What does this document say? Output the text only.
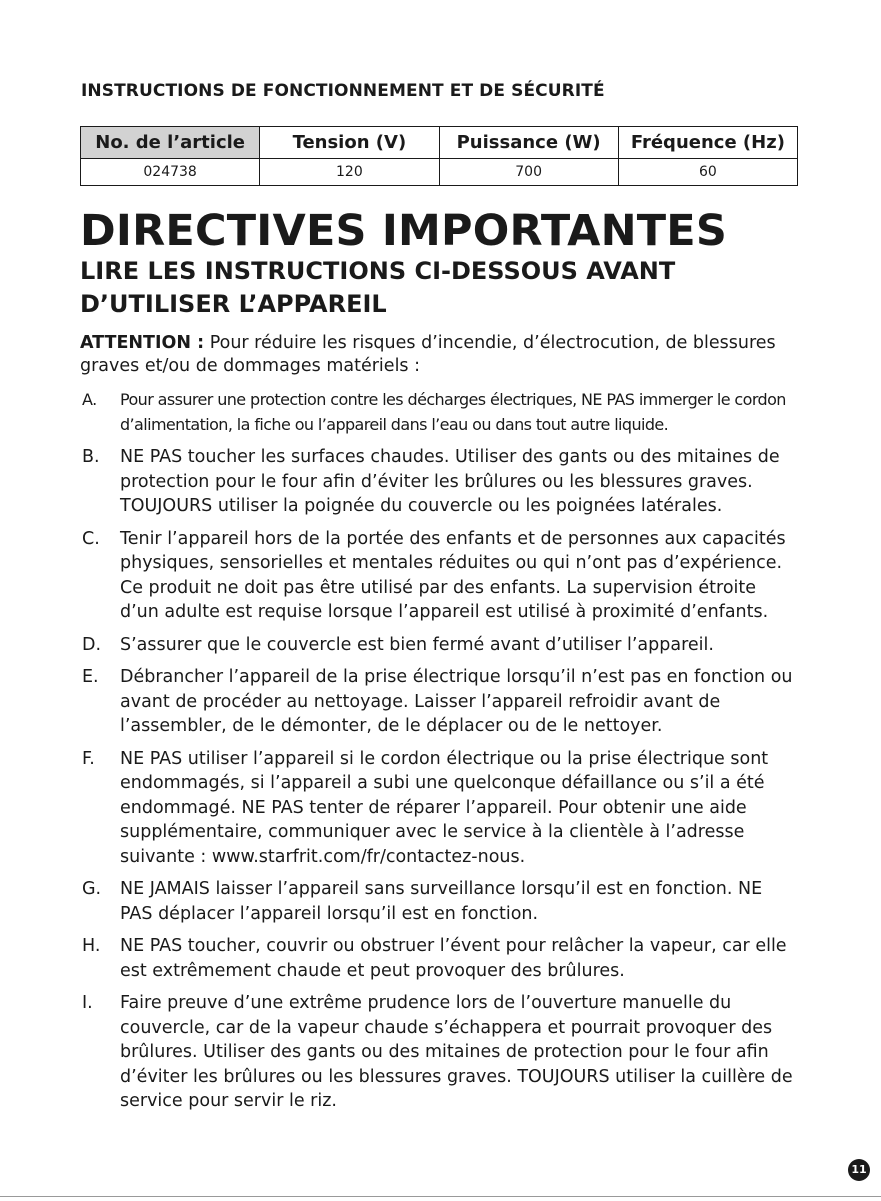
INSTRUCTIONS DE FONCTIONNEMENT ET DE SÉCURITÉ
No. de l’article	Tension (V)	Puissance (W)	Fréquence (Hz)
024738	120	700	60
DIRECTIVES IMPORTANTES
LIRE LES INSTRUCTIONS CI-DESSOUS AVANT D’UTILISER L’APPAREIL
ATTENTION : Pour réduire les risques d’incendie, d’électrocution, de blessures graves et/ou de dommages matériels :
A. Pour assurer une protection contre les décharges électriques, NE PAS immerger le cordon d’alimentation, la fiche ou l’appareil dans l’eau ou dans tout autre liquide.
B. NE PAS toucher les surfaces chaudes. Utiliser des gants ou des mitaines de protection pour le four afin d’éviter les brûlures ou les blessures graves. TOUJOURS utiliser la poignée du couvercle ou les poignées latérales.
C. Tenir l’appareil hors de la portée des enfants et de personnes aux capacités physiques, sensorielles et mentales réduites ou qui n’ont pas d’expérience. Ce produit ne doit pas être utilisé par des enfants. La supervision étroite d’un adulte est requise lorsque l’appareil est utilisé à proximité d’enfants.
D. S’assurer que le couvercle est bien fermé avant d’utiliser l’appareil.
E. Débrancher l’appareil de la prise électrique lorsqu’il n’est pas en fonction ou avant de procéder au nettoyage. Laisser l’appareil refroidir avant de l’assembler, de le démonter, de le déplacer ou de le nettoyer.
F. NE PAS utiliser l’appareil si le cordon électrique ou la prise électrique sont endommagés, si l’appareil a subi une quelconque défaillance ou s’il a été endommagé. NE PAS tenter de réparer l’appareil. Pour obtenir une aide supplémentaire, communiquer avec le service à la clientèle à l’adresse suivante : www.starfrit.com/fr/contactez-nous.
G. NE JAMAIS laisser l’appareil sans surveillance lorsqu’il est en fonction. NE PAS déplacer l’appareil lorsqu’il est en fonction.
H. NE PAS toucher, couvrir ou obstruer l’évent pour relâcher la vapeur, car elle est extrêmement chaude et peut provoquer des brûlures.
I. Faire preuve d’une extrême prudence lors de l’ouverture manuelle du couvercle, car de la vapeur chaude s’échappera et pourrait provoquer des brûlures. Utiliser des gants ou des mitaines de protection pour le four afin d’éviter les brûlures ou les blessures graves. TOUJOURS utiliser la cuillère de service pour servir le riz.
11
